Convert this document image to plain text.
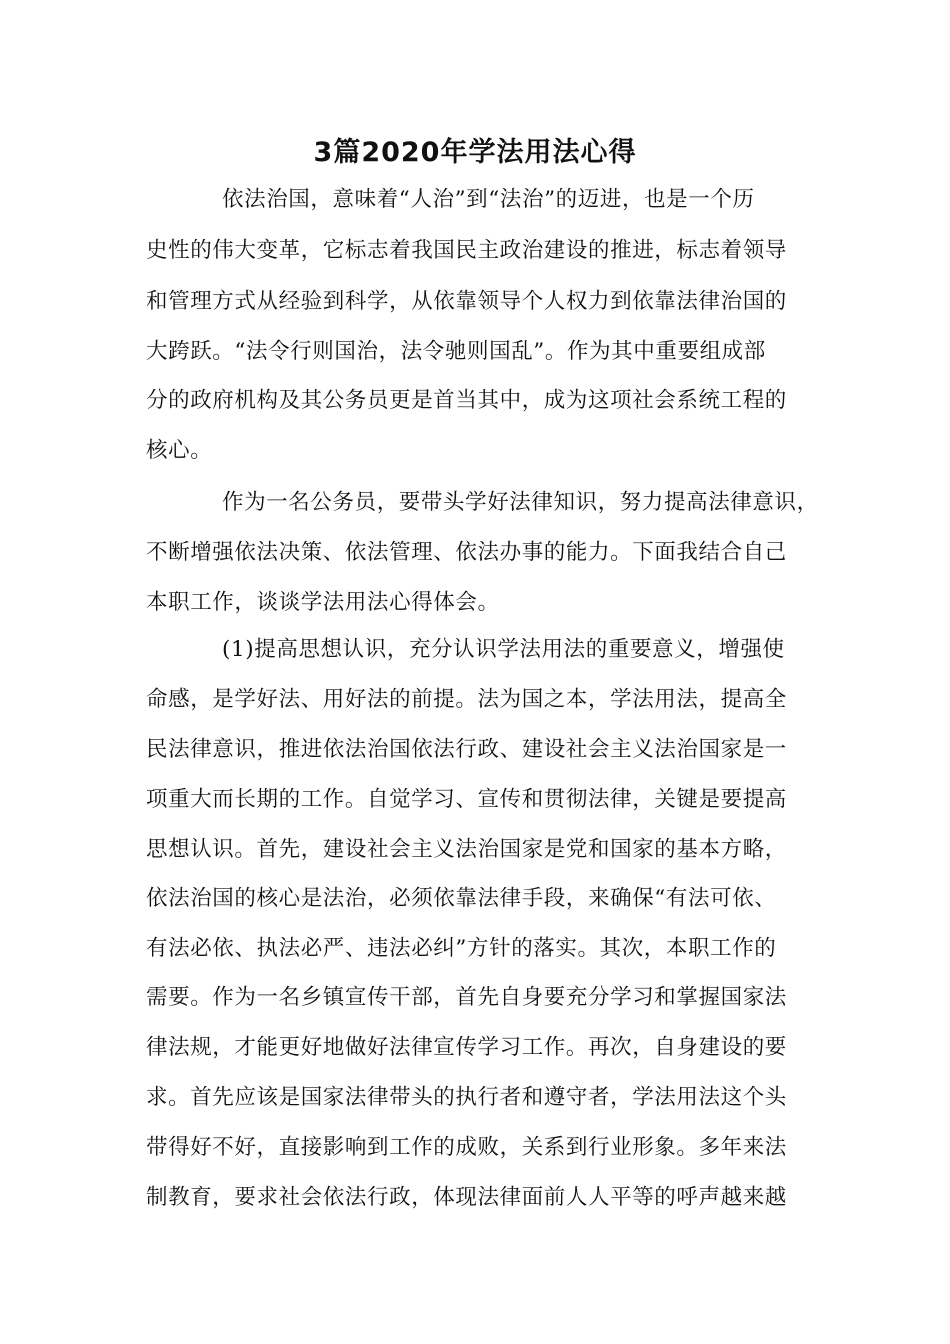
3篇2020年学法用法心得

依法治国，意味着“人治”到“法治”的迈进，也是一个历

史性的伟大变革，它标志着我国民主政治建设的推进，标志着领导

和管理方式从经验到科学，从依靠领导个人权力到依靠法律治国的

大跨跃。“法令行则国治，法令驰则国乱”。作为其中重要组成部

分的政府机构及其公务员更是首当其中，成为这项社会系统工程的

核心。

作为一名公务员，要带头学好法律知识，努力提高法律意识，

不断增强依法决策、依法管理、依法办事的能力。下面我结合自己

本职工作，谈谈学法用法心得体会。

(1)提高思想认识，充分认识学法用法的重要意义，增强使

命感，是学好法、用好法的前提。法为国之本，学法用法，提高全

民法律意识，推进依法治国依法行政、建设社会主义法治国家是一

项重大而长期的工作。自觉学习、宣传和贯彻法律，关键是要提高

思想认识。首先，建设社会主义法治国家是党和国家的基本方略，

依法治国的核心是法治，必须依靠法律手段，来确保“有法可依、

有法必依、执法必严、违法必纠”方针的落实。其次，本职工作的

需要。作为一名乡镇宣传干部，首先自身要充分学习和掌握国家法

律法规，才能更好地做好法律宣传学习工作。再次，自身建设的要

求。首先应该是国家法律带头的执行者和遵守者，学法用法这个头

带得好不好，直接影响到工作的成败，关系到行业形象。多年来法

制教育，要求社会依法行政，体现法律面前人人平等的呼声越来越
